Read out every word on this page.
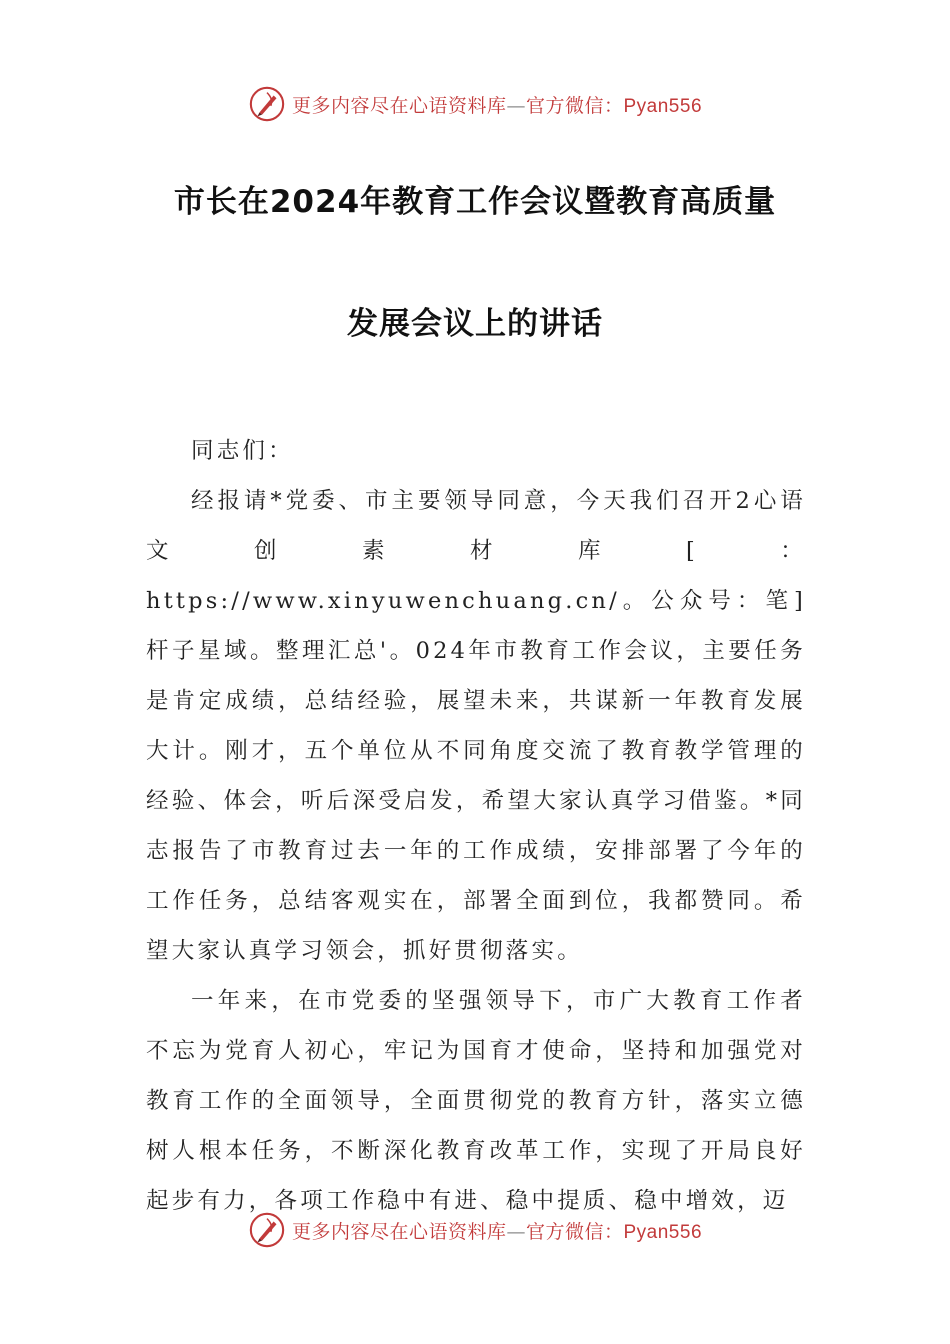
更多内容尽在心语资料库—官方微信：Pyan556
市长在2024年教育工作会议暨教育高质量
发展会议上的讲话

同志们：

经报请*党委、市主要领导同意，今天我们召开2心语文创素材库[：https://www.xinyuwenchuang.cn/。公众号：笔]杆子星域。整理汇总'。024年市教育工作会议，主要任务是肯定成绩，总结经验，展望未来，共谋新一年教育发展大计。刚才，五个单位从不同角度交流了教育教学管理的经验、体会，听后深受启发，希望大家认真学习借鉴。*同志报告了市教育过去一年的工作成绩，安排部署了今年的工作任务，总结客观实在，部署全面到位，我都赞同。希望大家认真学习领会，抓好贯彻落实。

一年来，在市党委的坚强领导下，市广大教育工作者不忘为党育人初心，牢记为国育才使命，坚持和加强党对教育工作的全面领导，全面贯彻党的教育方针，落实立德树人根本任务，不断深化教育改革工作，实现了开局良好起步有力，各项工作稳中有进、稳中提质、稳中增效，迈

更多内容尽在心语资料库—官方微信：Pyan556
